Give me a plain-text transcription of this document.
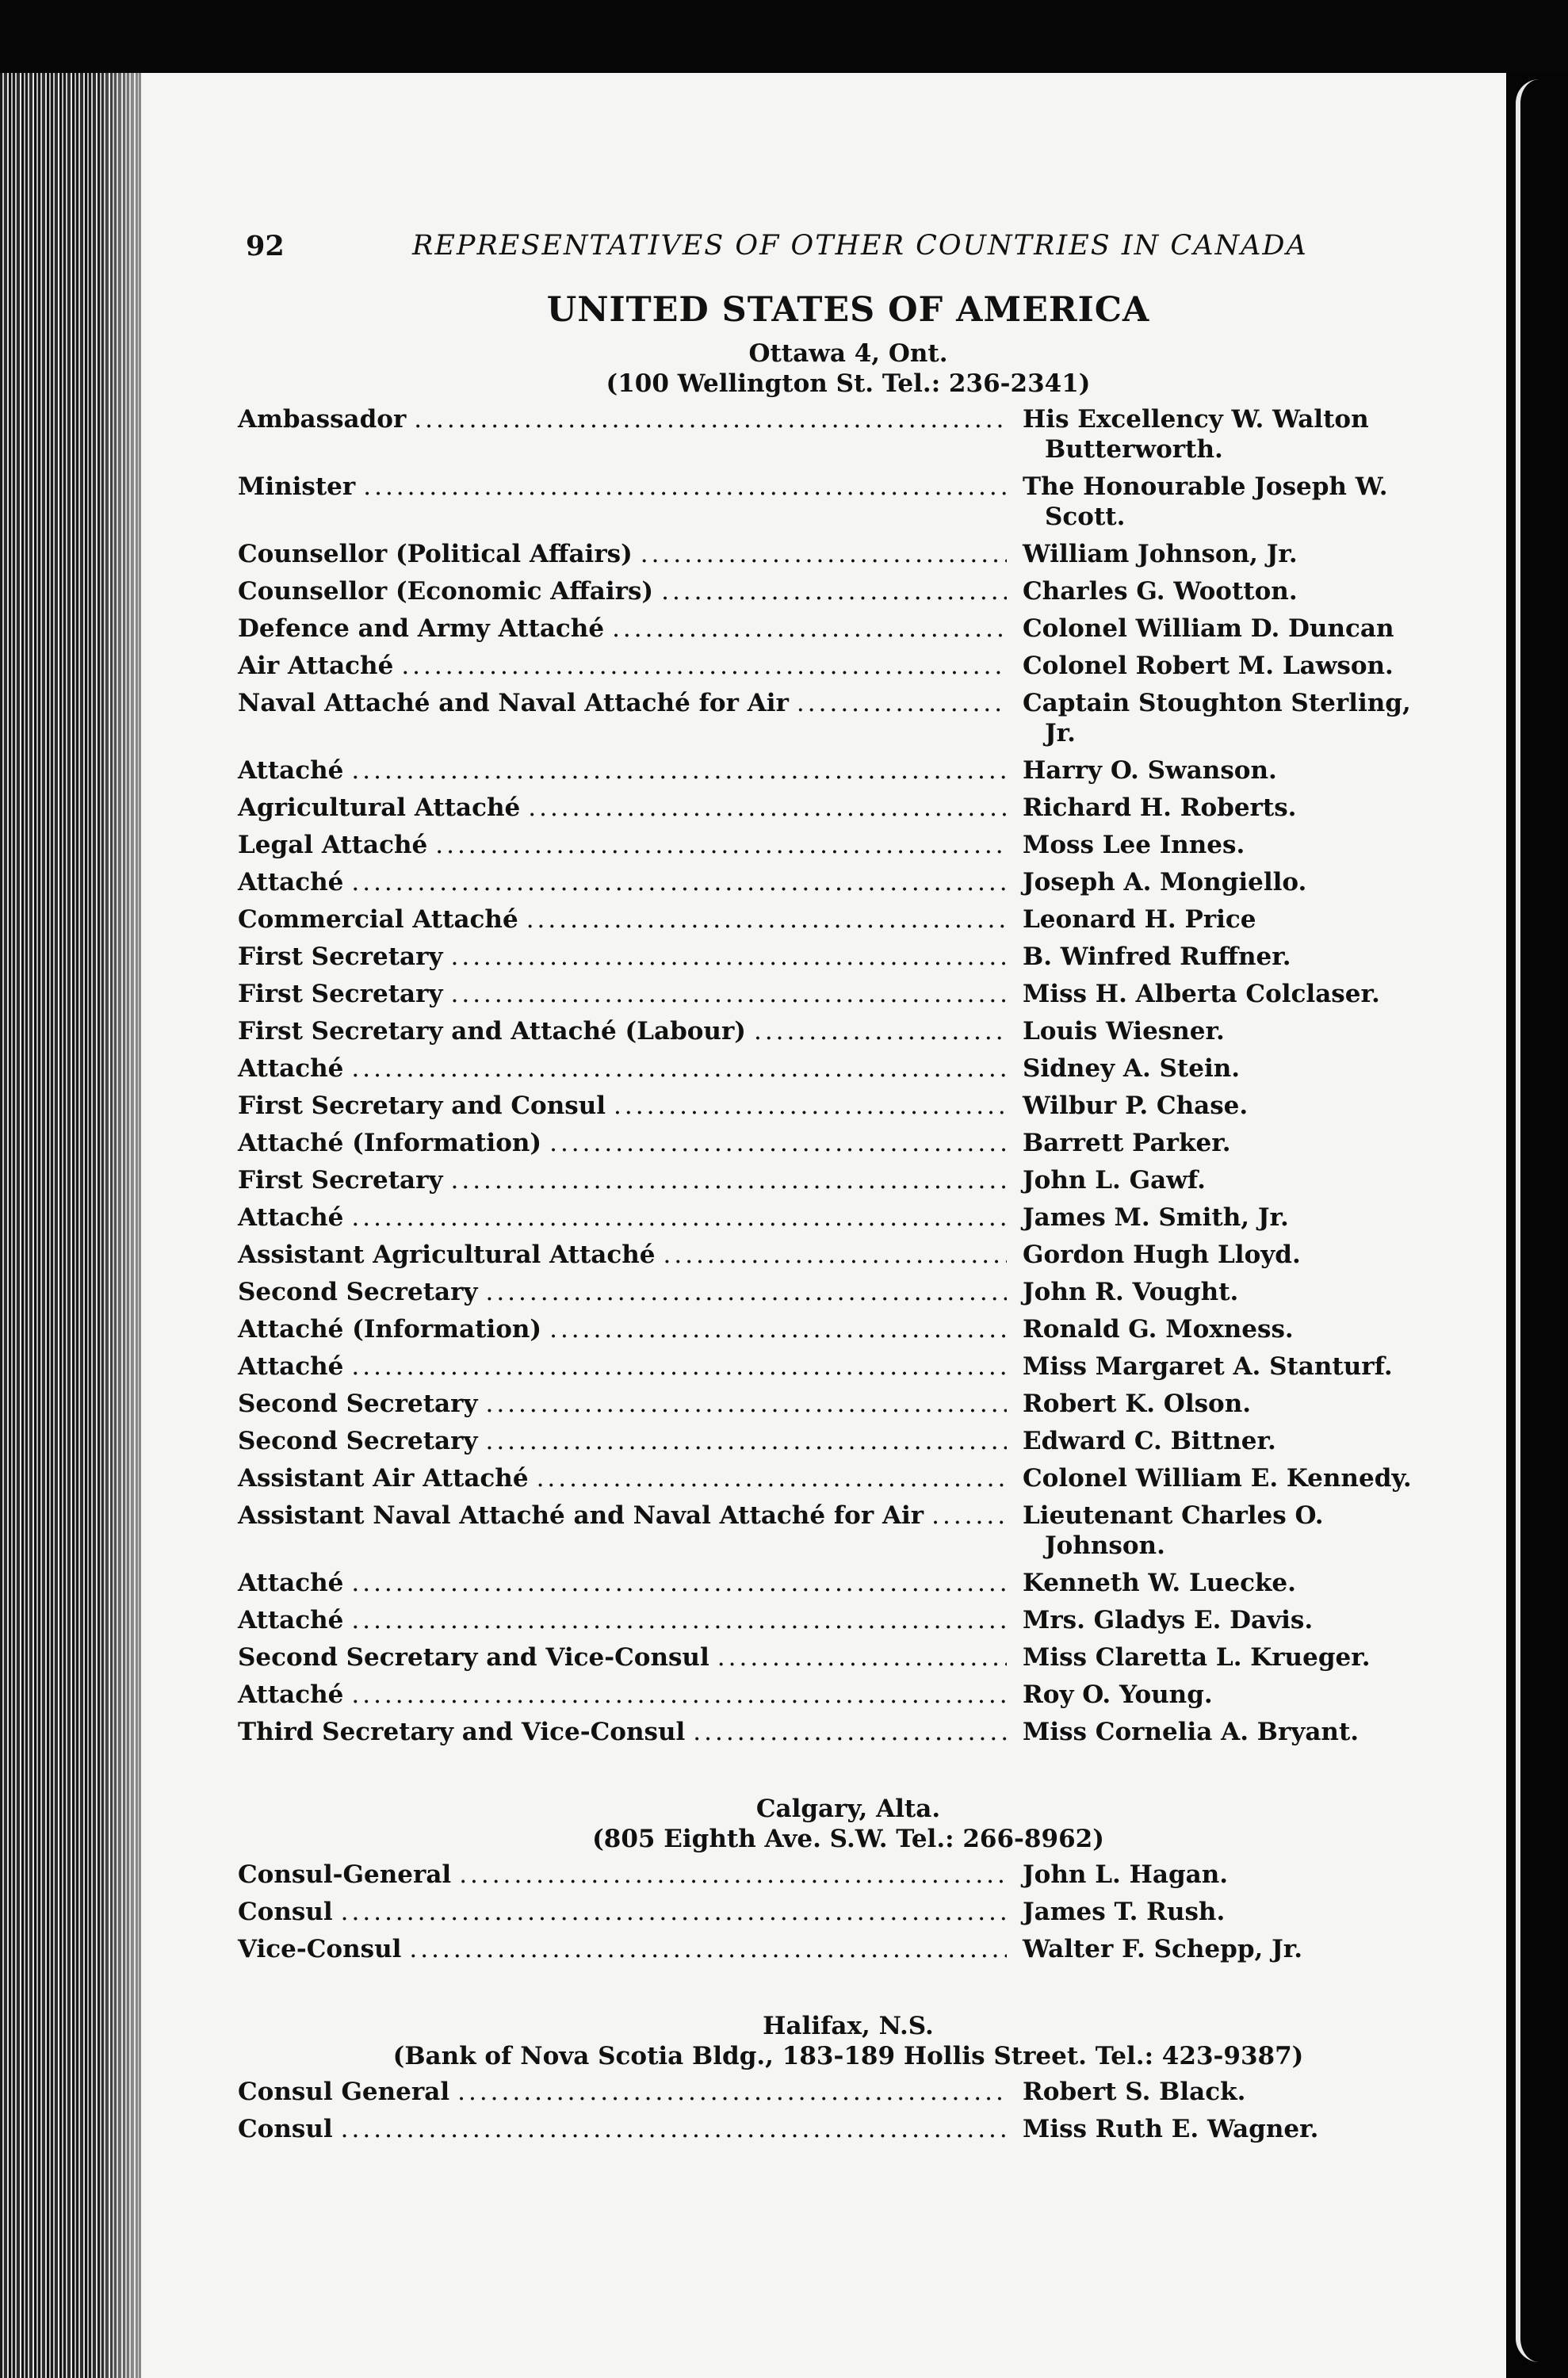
92	REPRESENTATIVES OF OTHER COUNTRIES IN CANADA
UNITED STATES OF AMERICA
Ottawa 4, Ont.
(100 Wellington St. Tel.: 236-2341)
Ambassador .....	His Excellency W. Walton Butterworth.
Minister .....	The Honourable Joseph W. Scott.
Counsellor (Political Affairs) .....	William Johnson, Jr.
Counsellor (Economic Affairs) .....	Charles G. Wootton.
Defence and Army Attaché .....	Colonel William D. Duncan
Air Attaché .....	Colonel Robert M. Lawson.
Naval Attaché and Naval Attaché for Air .....	Captain Stoughton Sterling, Jr.
Attaché .....	Harry O. Swanson.
Agricultural Attaché .....	Richard H. Roberts.
Legal Attaché .....	Moss Lee Innes.
Attaché .....	Joseph A. Mongiello.
Commercial Attaché .....	Leonard H. Price
First Secretary .....	B. Winfred Ruffner.
First Secretary .....	Miss H. Alberta Colclaser.
First Secretary and Attaché (Labour) .....	Louis Wiesner.
Attaché .....	Sidney A. Stein.
First Secretary and Consul .....	Wilbur P. Chase.
Attaché (Information) .....	Barrett Parker.
First Secretary .....	John L. Gawf.
Attaché .....	James M. Smith, Jr.
Assistant Agricultural Attaché .....	Gordon Hugh Lloyd.
Second Secretary .....	John R. Vought.
Attaché (Information) .....	Ronald G. Moxness.
Attaché .....	Miss Margaret A. Stanturf.
Second Secretary .....	Robert K. Olson.
Second Secretary .....	Edward C. Bittner.
Assistant Air Attaché .....	Colonel William E. Kennedy.
Assistant Naval Attaché and Naval Attaché for Air .....	Lieutenant Charles O. Johnson.
Attaché .....	Kenneth W. Luecke.
Attaché .....	Mrs. Gladys E. Davis.
Second Secretary and Vice-Consul .....	Miss Claretta L. Krueger.
Attaché .....	Roy O. Young.
Third Secretary and Vice-Consul .....	Miss Cornelia A. Bryant.
Calgary, Alta.
(805 Eighth Ave. S.W. Tel.: 266-8962)
Consul-General .....	John L. Hagan.
Consul .....	James T. Rush.
Vice-Consul .....	Walter F. Schepp, Jr.
Halifax, N.S.
(Bank of Nova Scotia Bldg., 183-189 Hollis Street. Tel.: 423-9387)
Consul General .....	Robert S. Black.
Consul .....	Miss Ruth E. Wagner.
